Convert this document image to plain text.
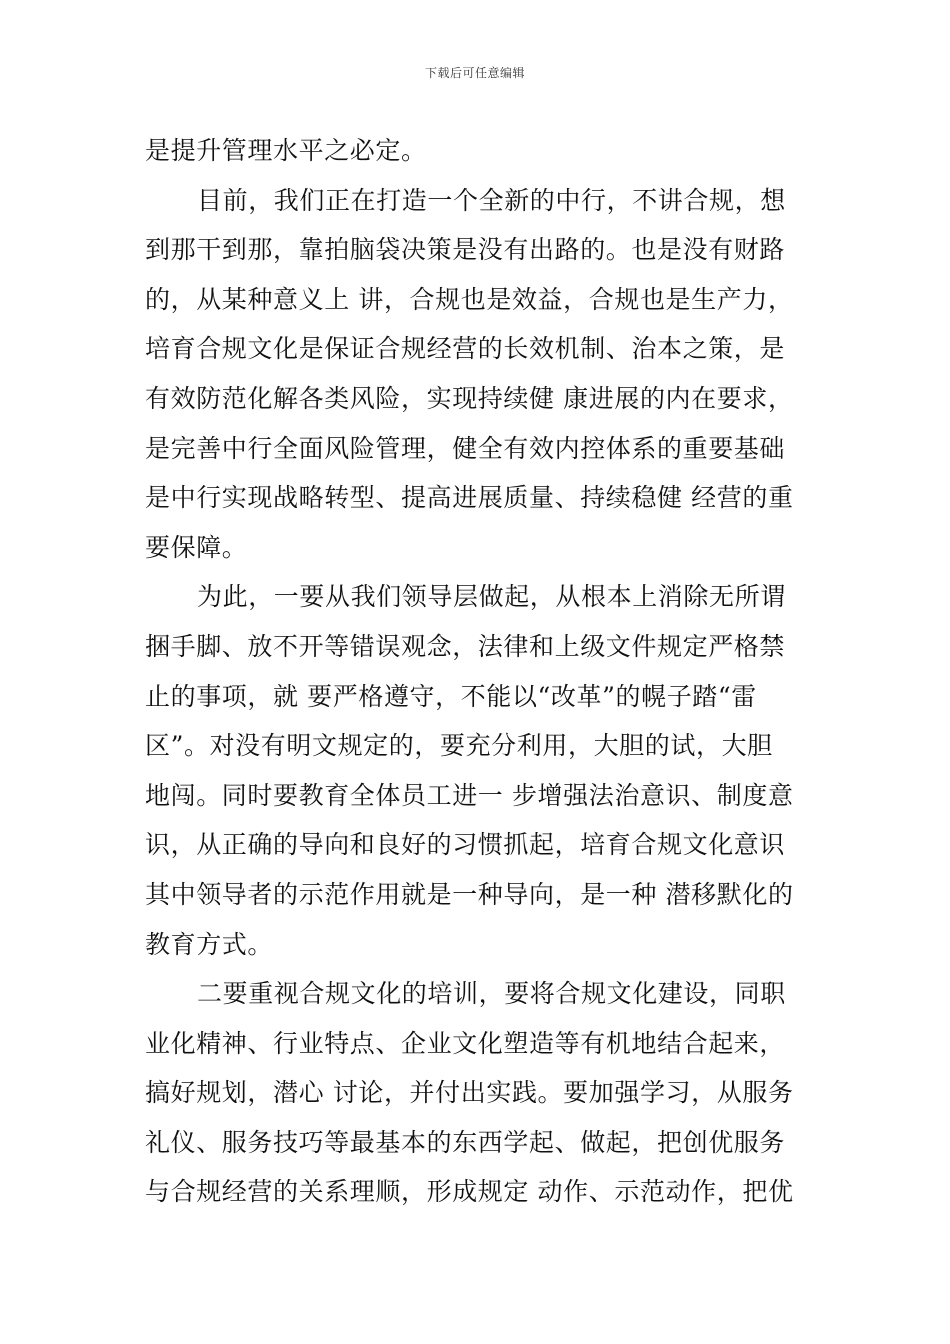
下载后可任意编辑
是提升管理水平之必定。
目前，我们正在打造一个全新的中行，不讲合规，想
到那干到那，靠拍脑袋决策是没有出路的。也是没有财路
的，从某种意义上 讲，合规也是效益，合规也是生产力，
培育合规文化是保证合规经营的长效机制、治本之策，是
有效防范化解各类风险，实现持续健 康进展的内在要求，
是完善中行全面风险管理，健全有效内控体系的重要基础
是中行实现战略转型、提高进展质量、持续稳健 经营的重
要保障。
为此，一要从我们领导层做起，从根本上消除无所谓
捆手脚、放不开等错误观念，法律和上级文件规定严格禁
止的事项，就 要严格遵守，不能以“改革”的幌子踏“雷
区”。对没有明文规定的，要充分利用，大胆的试，大胆
地闯。同时要教育全体员工进一 步增强法治意识、制度意
识，从正确的导向和良好的习惯抓起，培育合规文化意识
其中领导者的示范作用就是一种导向，是一种 潜移默化的
教育方式。
二要重视合规文化的培训，要将合规文化建设，同职
业化精神、行业特点、企业文化塑造等有机地结合起来，
搞好规划，潜心 讨论，并付出实践。要加强学习，从服务
礼仪、服务技巧等最基本的东西学起、做起，把创优服务
与合规经营的关系理顺，形成规定 动作、示范动作，把优
